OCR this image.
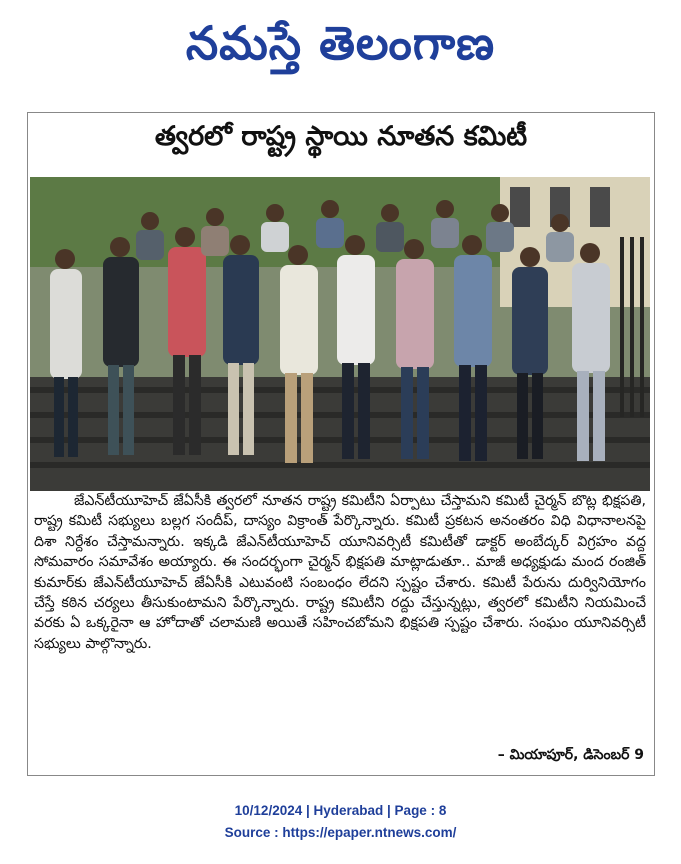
నమస్తే తెలంగాణ
త్వరలో రాష్ట్ర స్థాయి నూతన కమిటీ

జేఎన్‌టీయూహెచ్ జేఏసీకి త్వరలో నూతన రాష్ట్ర కమిటీని ఏర్పాటు చేస్తామని కమిటీ చైర్మన్ బొట్ల భిక్షపతి, రాష్ట్ర కమిటీ సభ్యులు బల్లగ సందీప్, దాస్యం విక్రాంత్ పేర్కొన్నారు. కమిటీ ప్రకటన అనంతరం విధి విధానాలనపై దిశా నిర్దేశం చేస్తామన్నారు. ఇక్కడి జేఎన్‌టీయూహెచ్ యూనివర్సిటీ కమిటీతో డాక్టర్ అంబేద్కర్ విగ్రహం వద్ద సోమవారం సమావేశం అయ్యారు. ఈ సందర్భంగా చైర్మన్ భిక్షపతి మాట్లాడుతూ.. మాజీ అధ్యక్షుడు మంద రంజిత్ కుమార్‌కు జేఎన్‌టీయూహెచ్ జేఏసీకి ఎటువంటి సంబంధం లేదని స్పష్టం చేశారు. కమిటీ పేరును దుర్వినియోగం చేస్తే కఠిన చర్యలు తీసుకుంటామని పేర్కొన్నారు. రాష్ట్ర కమిటీని రద్దు చేస్తున్నట్లు, త్వరలో కమిటీని నియమించే వరకు ఏ ఒక్కరైనా ఆ హోదాతో చలామణి అయితే సహించబోమని భిక్షపతి స్పష్టం చేశారు. సంఘం యూనివర్సిటీ సభ్యులు పాల్గొన్నారు.

– మియాపూర్, డిసెంబర్ 9
10/12/2024 | Hyderabad | Page : 8
Source : https://epaper.ntnews.com/
